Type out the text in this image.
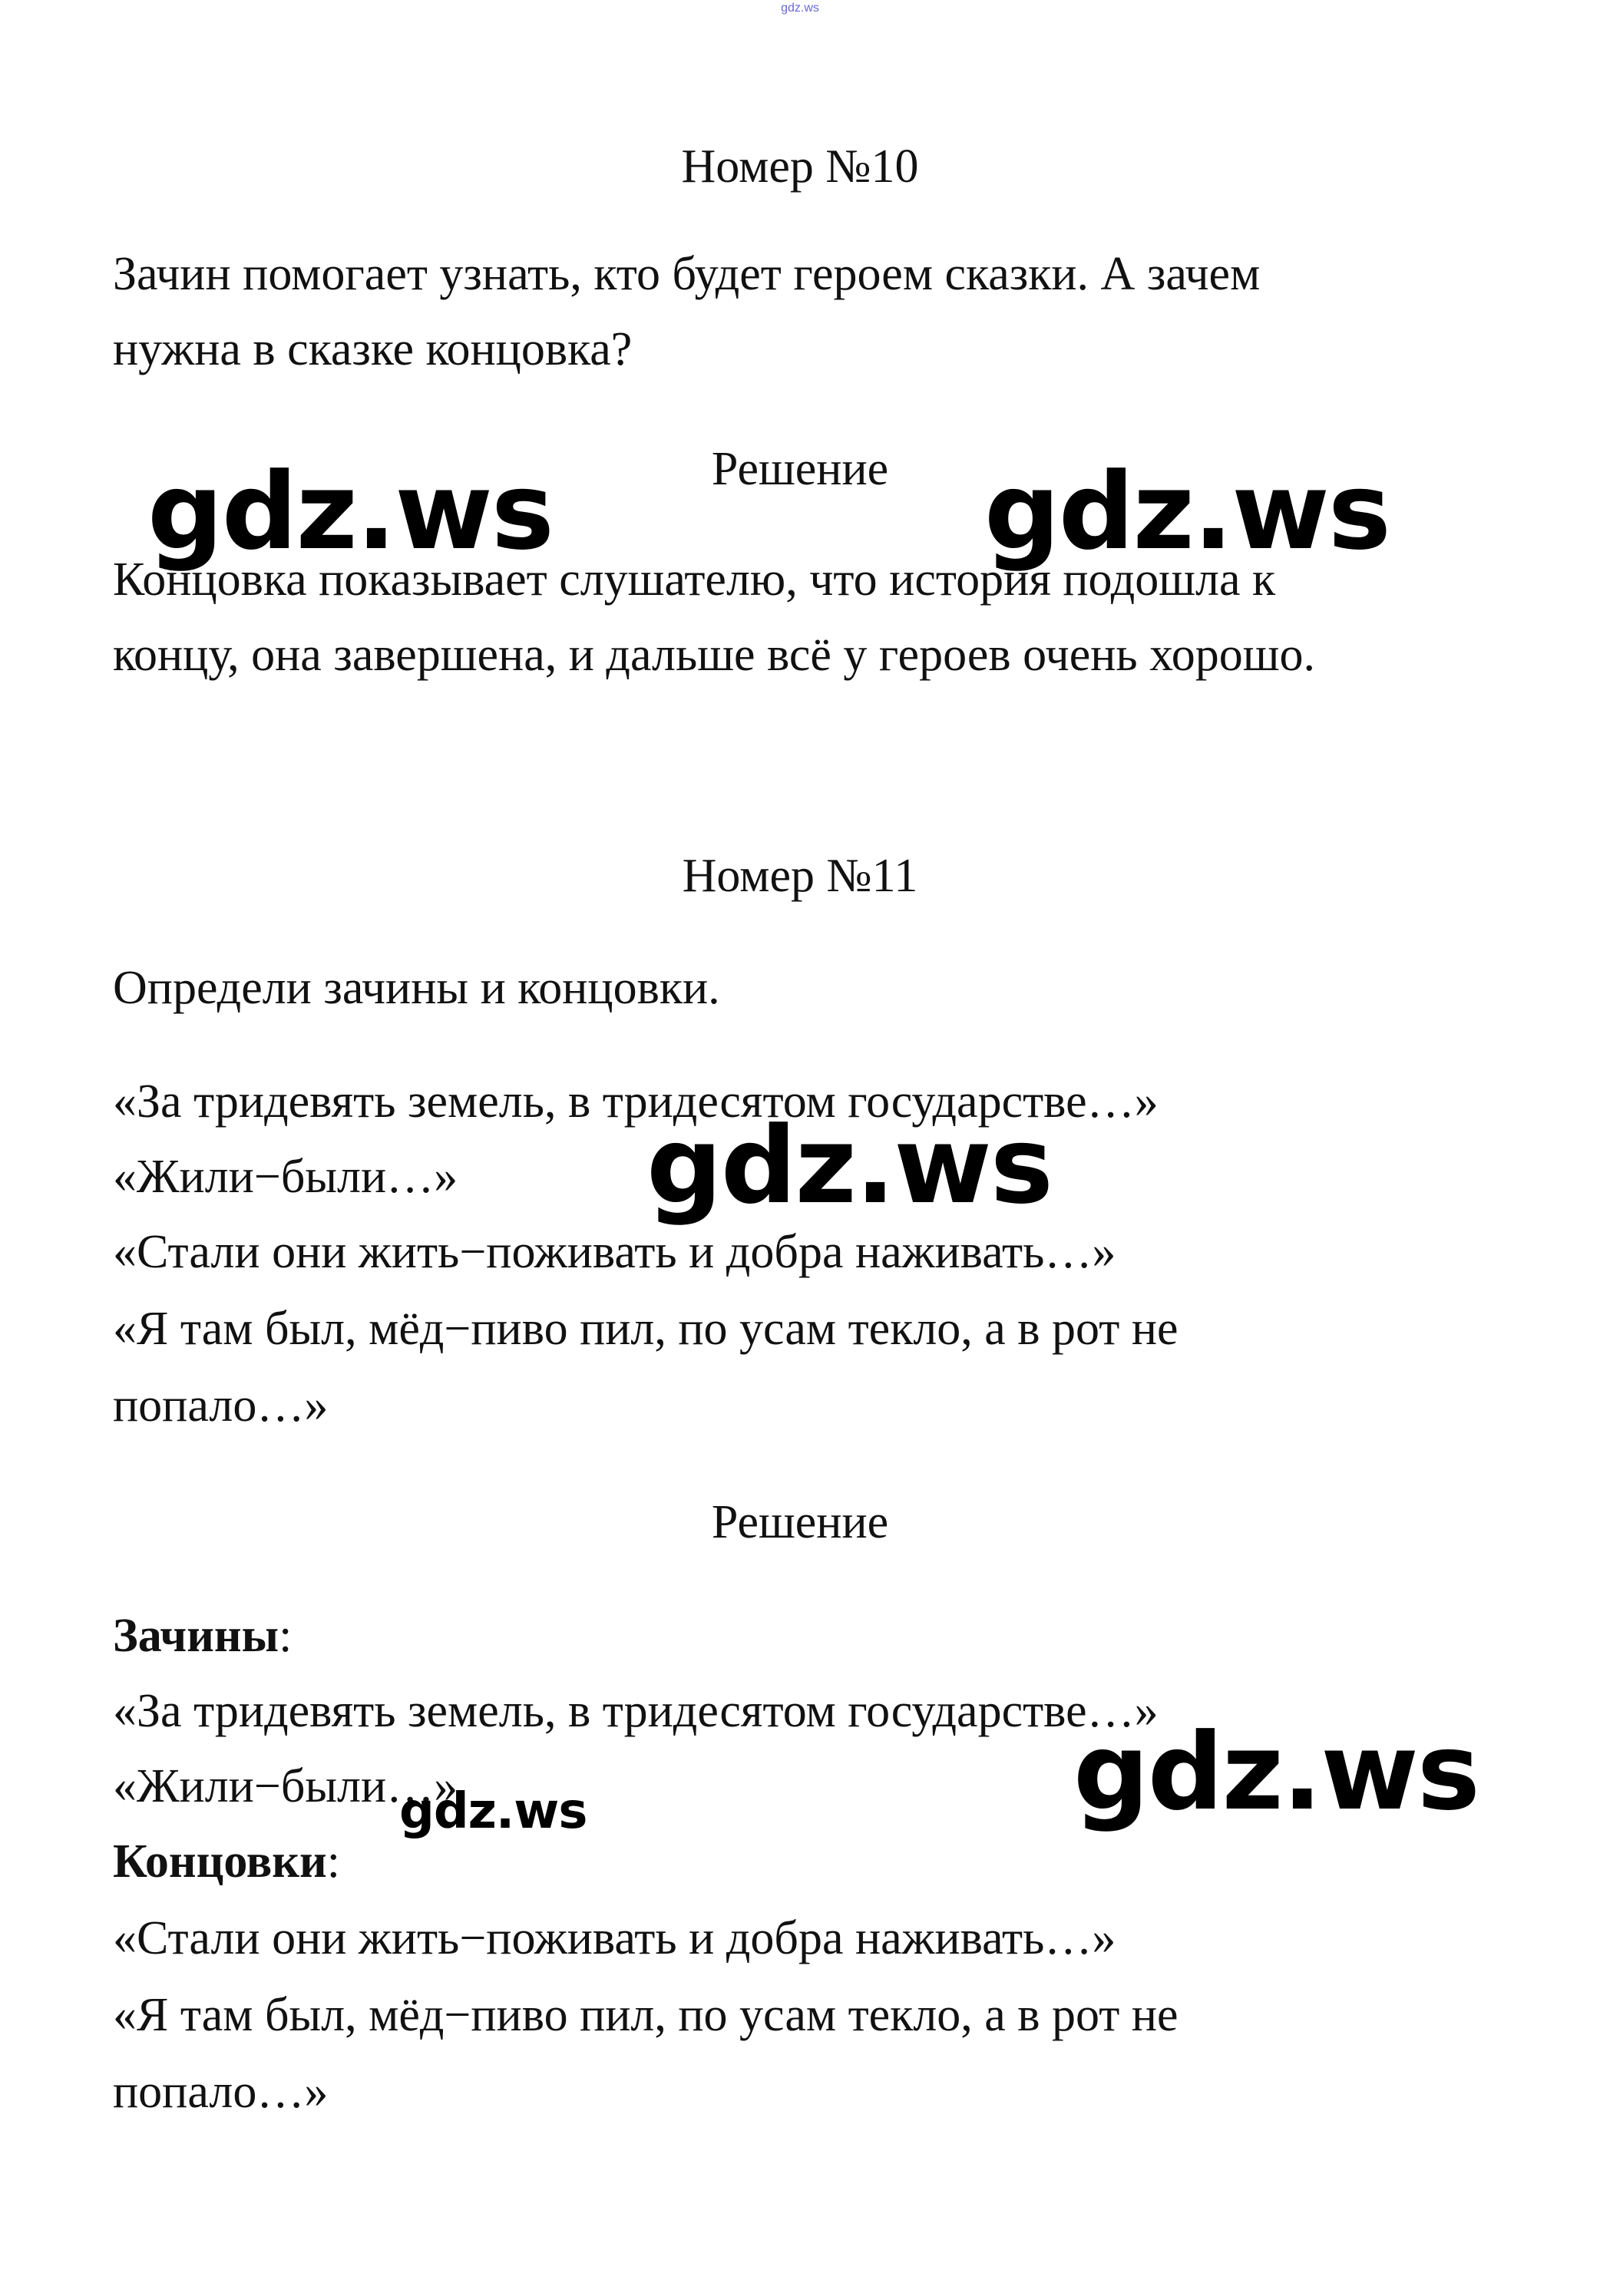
gdz.ws
Номер №10
Зачин помогает узнать, кто будет героем сказки. А зачем
нужна в сказке концовка?
Решение
Концовка показывает слушателю, что история подошла к
концу, она завершена, и дальше всё у героев очень хорошо.
Номер №11
Определи зачины и концовки.
«За тридевять земель, в тридесятом государстве…»
«Жили−были…»
«Стали они жить−поживать и добра наживать…»
«Я там был, мёд−пиво пил, по усам текло, а в рот не
попало…»
Решение
Зачины:
«За тридевять земель, в тридесятом государстве…»
«Жили−были…»
Концовки:
«Стали они жить−поживать и добра наживать…»
«Я там был, мёд−пиво пил, по усам текло, а в рот не
попало…»
gdz.ws	gdz.ws
gdz.ws
gdz.ws
gdz.ws
